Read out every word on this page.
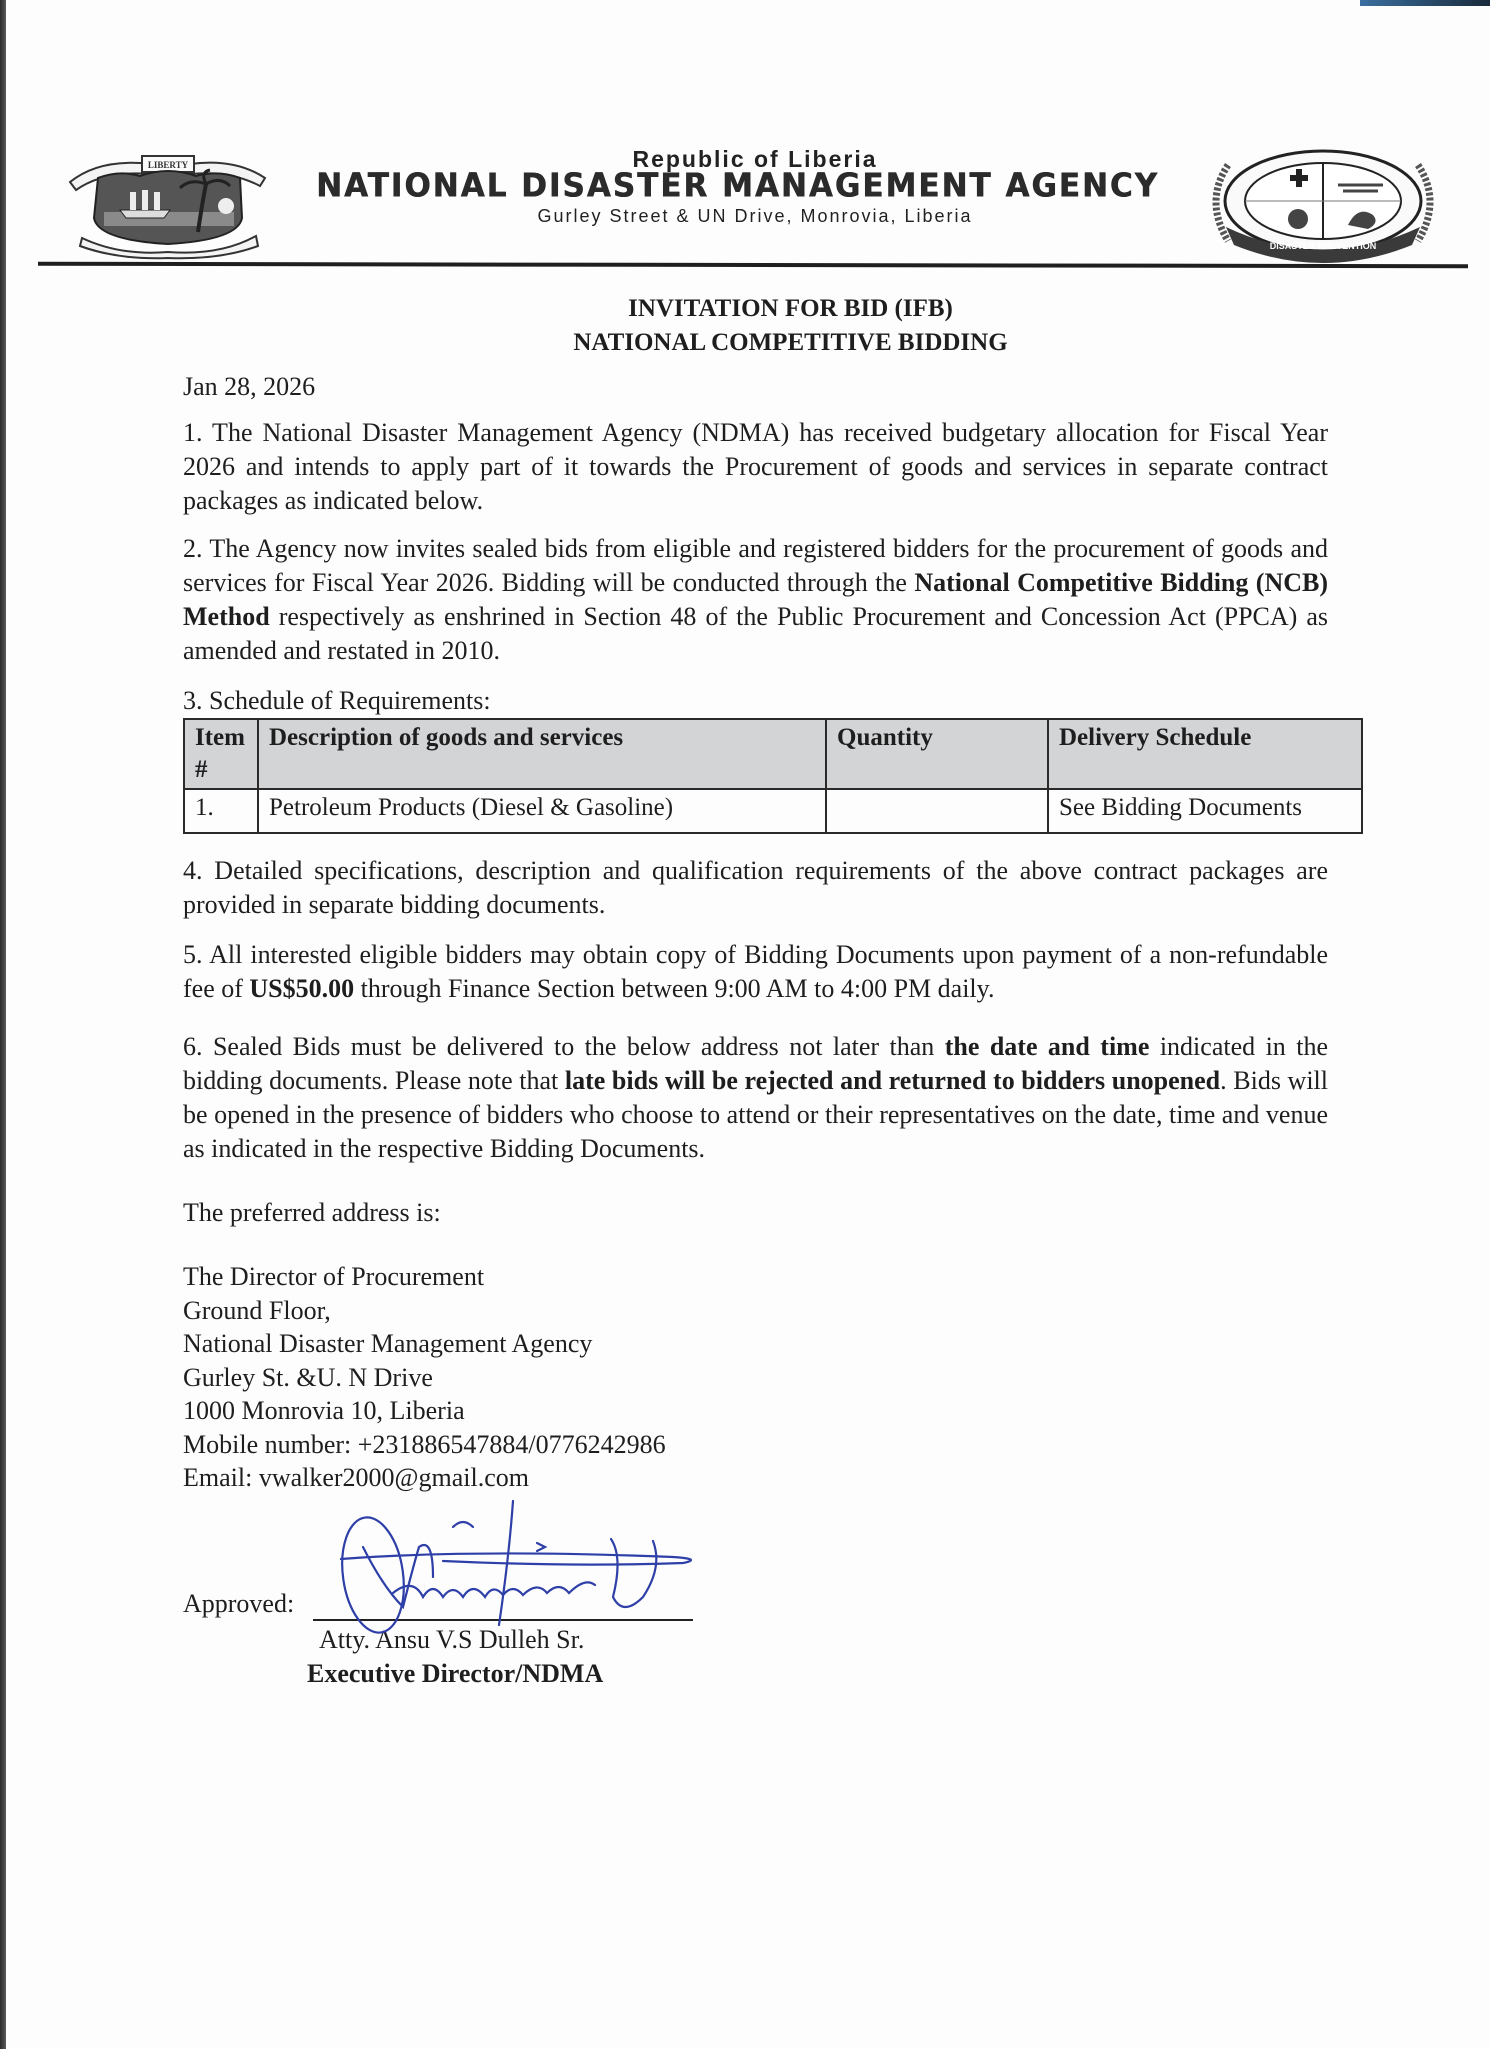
LIBERTY	Republic of Liberia
NATIONAL DISASTER MANAGEMENT AGENCY
Gurley Street & UN Drive, Monrovia, Liberia
DISASTER PREVENTION

INVITATION FOR BID (IFB)
NATIONAL COMPETITIVE BIDDING

Jan 28, 2026

1. The National Disaster Management Agency (NDMA) has received budgetary allocation for Fiscal Year 2026 and intends to apply part of it towards the Procurement of goods and services in separate contract packages as indicated below.

2. The Agency now invites sealed bids from eligible and registered bidders for the procurement of goods and services for Fiscal Year 2026. Bidding will be conducted through the National Competitive Bidding (NCB) Method respectively as enshrined in Section 48 of the Public Procurement and Concession Act (PPCA) as amended and restated in 2010.

3. Schedule of Requirements:

Item #	Description of goods and services	Quantity	Delivery Schedule
1.	Petroleum Products (Diesel & Gasoline)		See Bidding Documents

4. Detailed specifications, description and qualification requirements of the above contract packages are provided in separate bidding documents.

5. All interested eligible bidders may obtain copy of Bidding Documents upon payment of a non-refundable fee of US$50.00 through Finance Section between 9:00 AM to 4:00 PM daily.

6. Sealed Bids must be delivered to the below address not later than the date and time indicated in the bidding documents. Please note that late bids will be rejected and returned to bidders unopened. Bids will be opened in the presence of bidders who choose to attend or their representatives on the date, time and venue as indicated in the respective Bidding Documents.

The preferred address is:

The Director of Procurement
Ground Floor,
National Disaster Management Agency
Gurley St. &U. N Drive
1000 Monrovia 10, Liberia
Mobile number: +231886547884/0776242986
Email: vwalker2000@gmail.com
Approved:
Atty. Ansu V.S Dulleh Sr.
Executive Director/NDMA
